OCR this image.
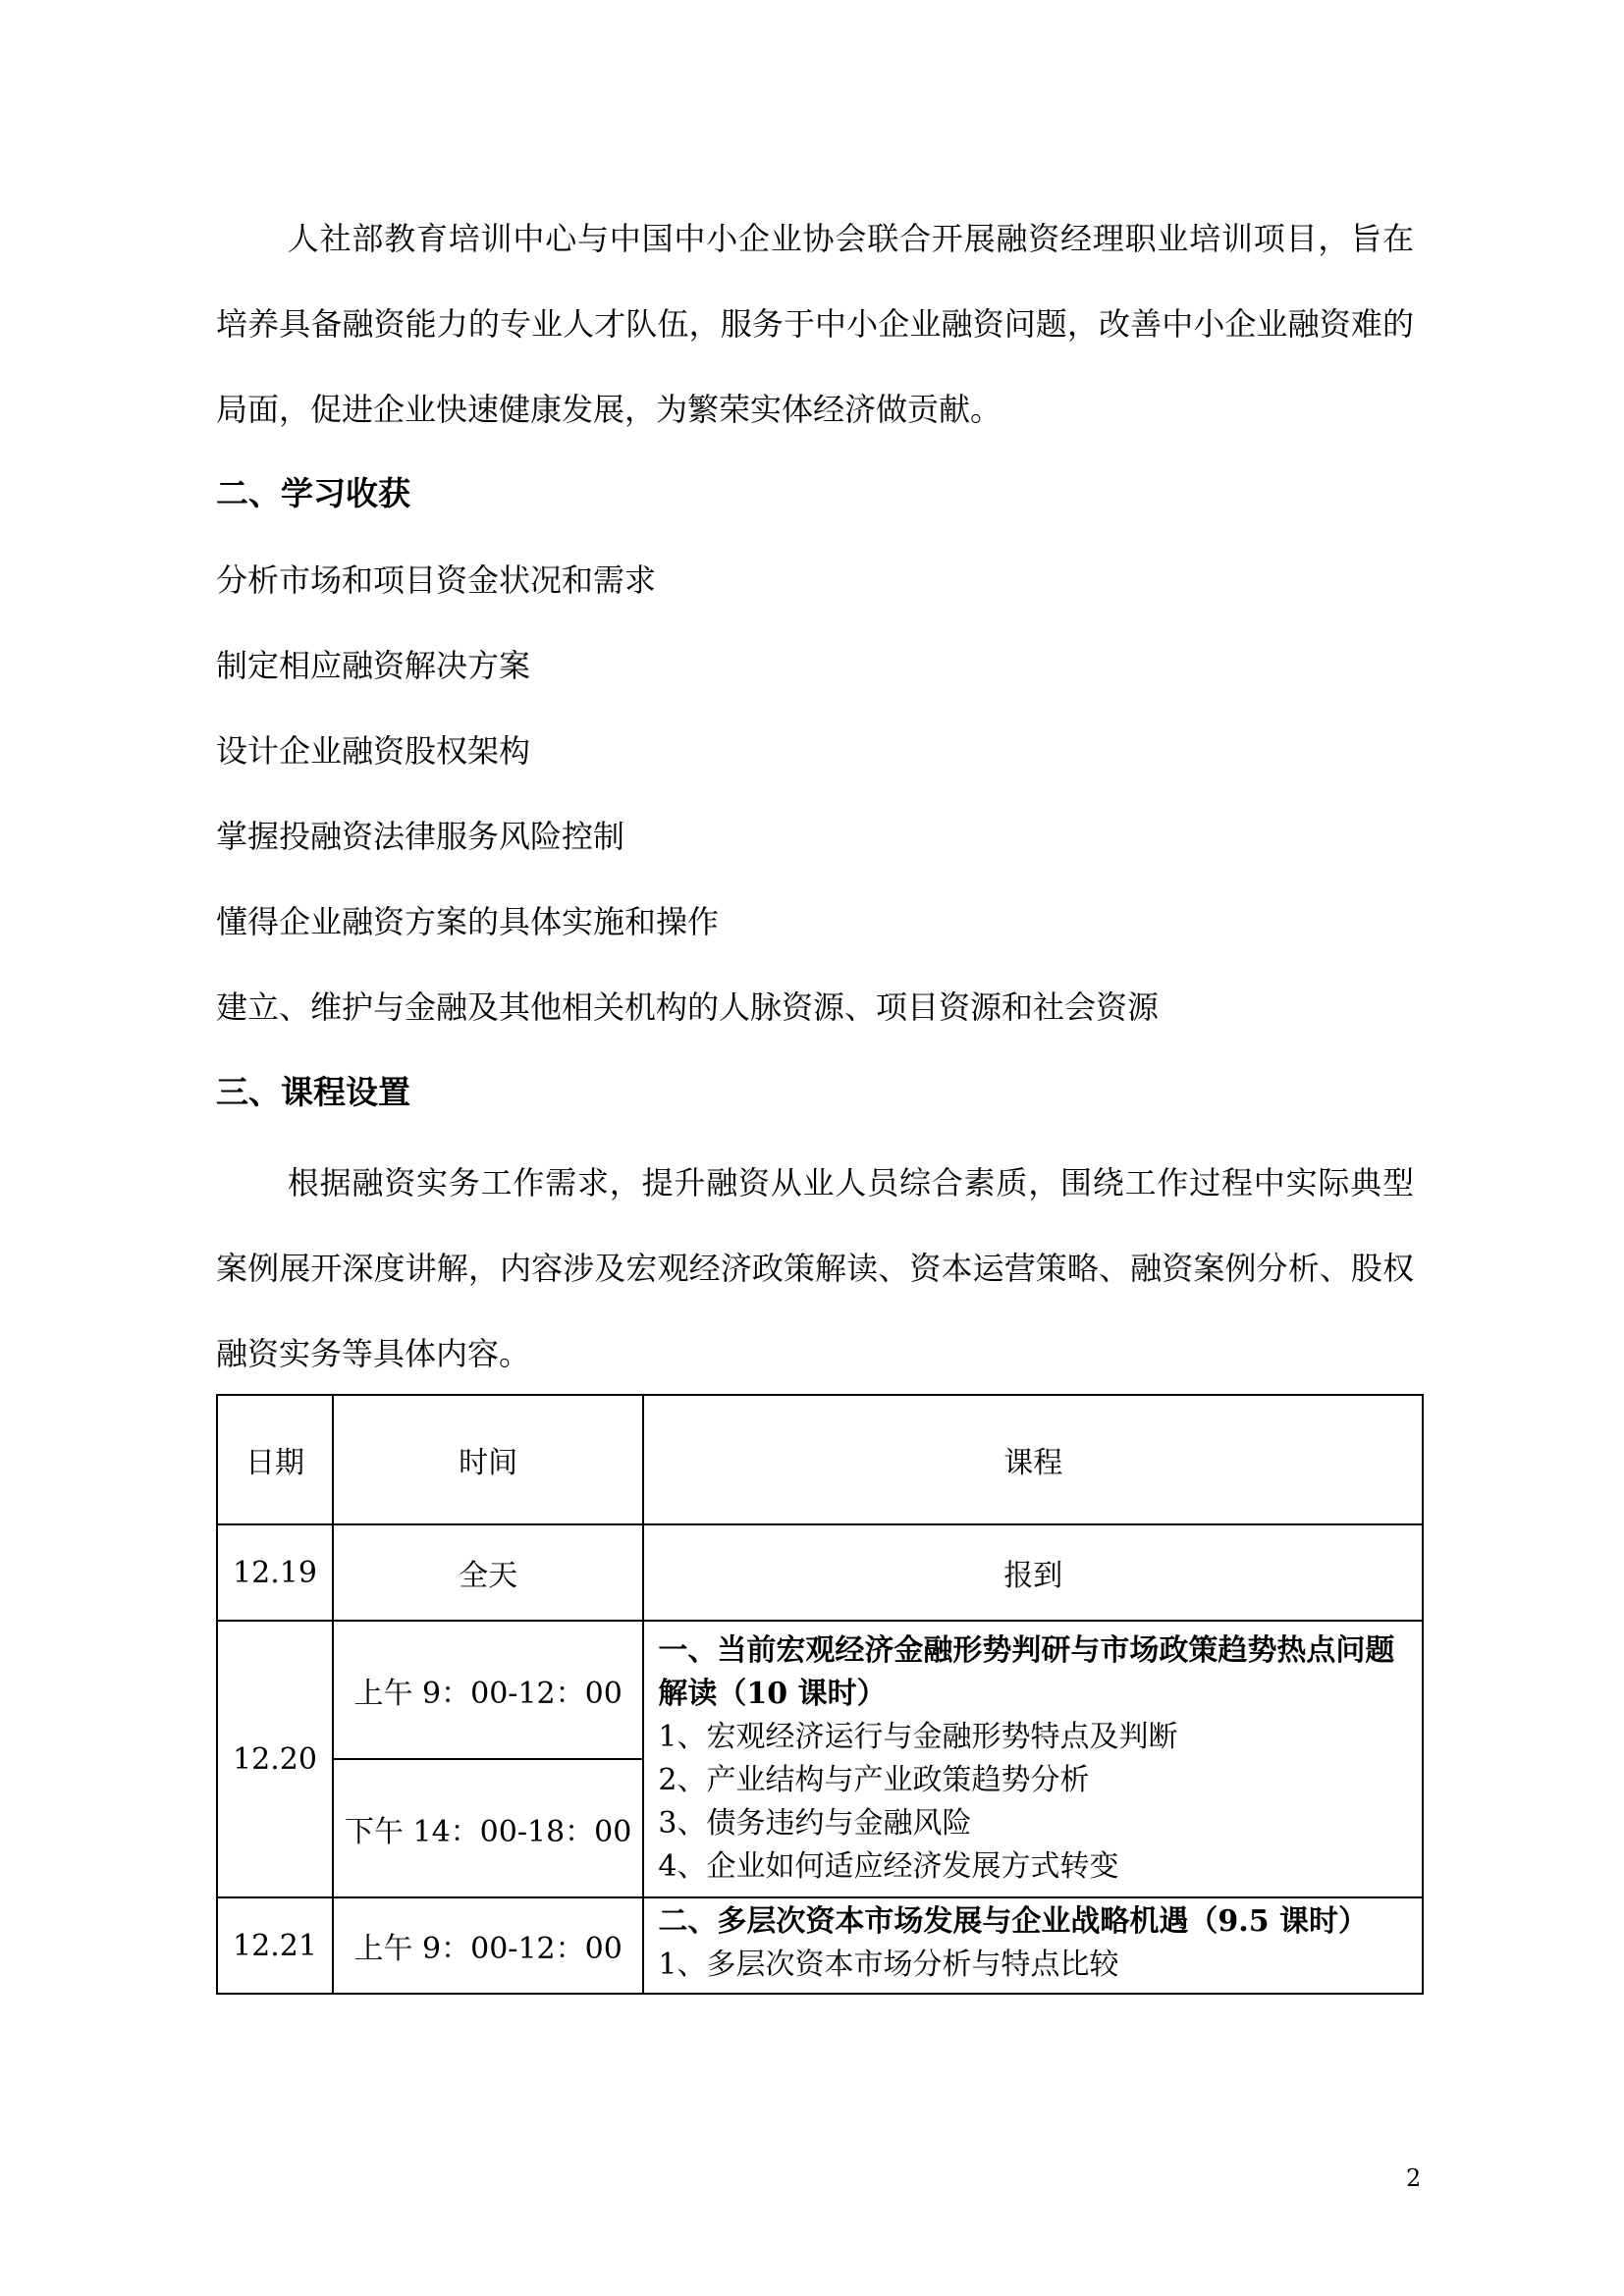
人社部教育培训中心与中国中小企业协会联合开展融资经理职业培训项目，旨在培养具备融资能力的专业人才队伍，服务于中小企业融资问题，改善中小企业融资难的局面，促进企业快速健康发展，为繁荣实体经济做贡献。

二、学习收获

分析市场和项目资金状况和需求

制定相应融资解决方案

设计企业融资股权架构

掌握投融资法律服务风险控制

懂得企业融资方案的具体实施和操作

建立、维护与金融及其他相关机构的人脉资源、项目资源和社会资源

三、课程设置

根据融资实务工作需求，提升融资从业人员综合素质，围绕工作过程中实际典型案例展开深度讲解，内容涉及宏观经济政策解读、资本运营策略、融资案例分析、股权融资实务等具体内容。

日期	时间	课程
12.19	全天	报到
12.20	上午 9：00-12：00	一、当前宏观经济金融形势判研与市场政策趋势热点问题解读（10 课时）
1、宏观经济运行与金融形势特点及判断
2、产业结构与产业政策趋势分析
3、债务违约与金融风险
4、企业如何适应经济发展方式转变

	下午 14：00-18：00	
12.21	上午 9：00-12：00	二、多层次资本市场发展与企业战略机遇（9.5 课时）
1、多层次资本市场分析与特点比较
2
